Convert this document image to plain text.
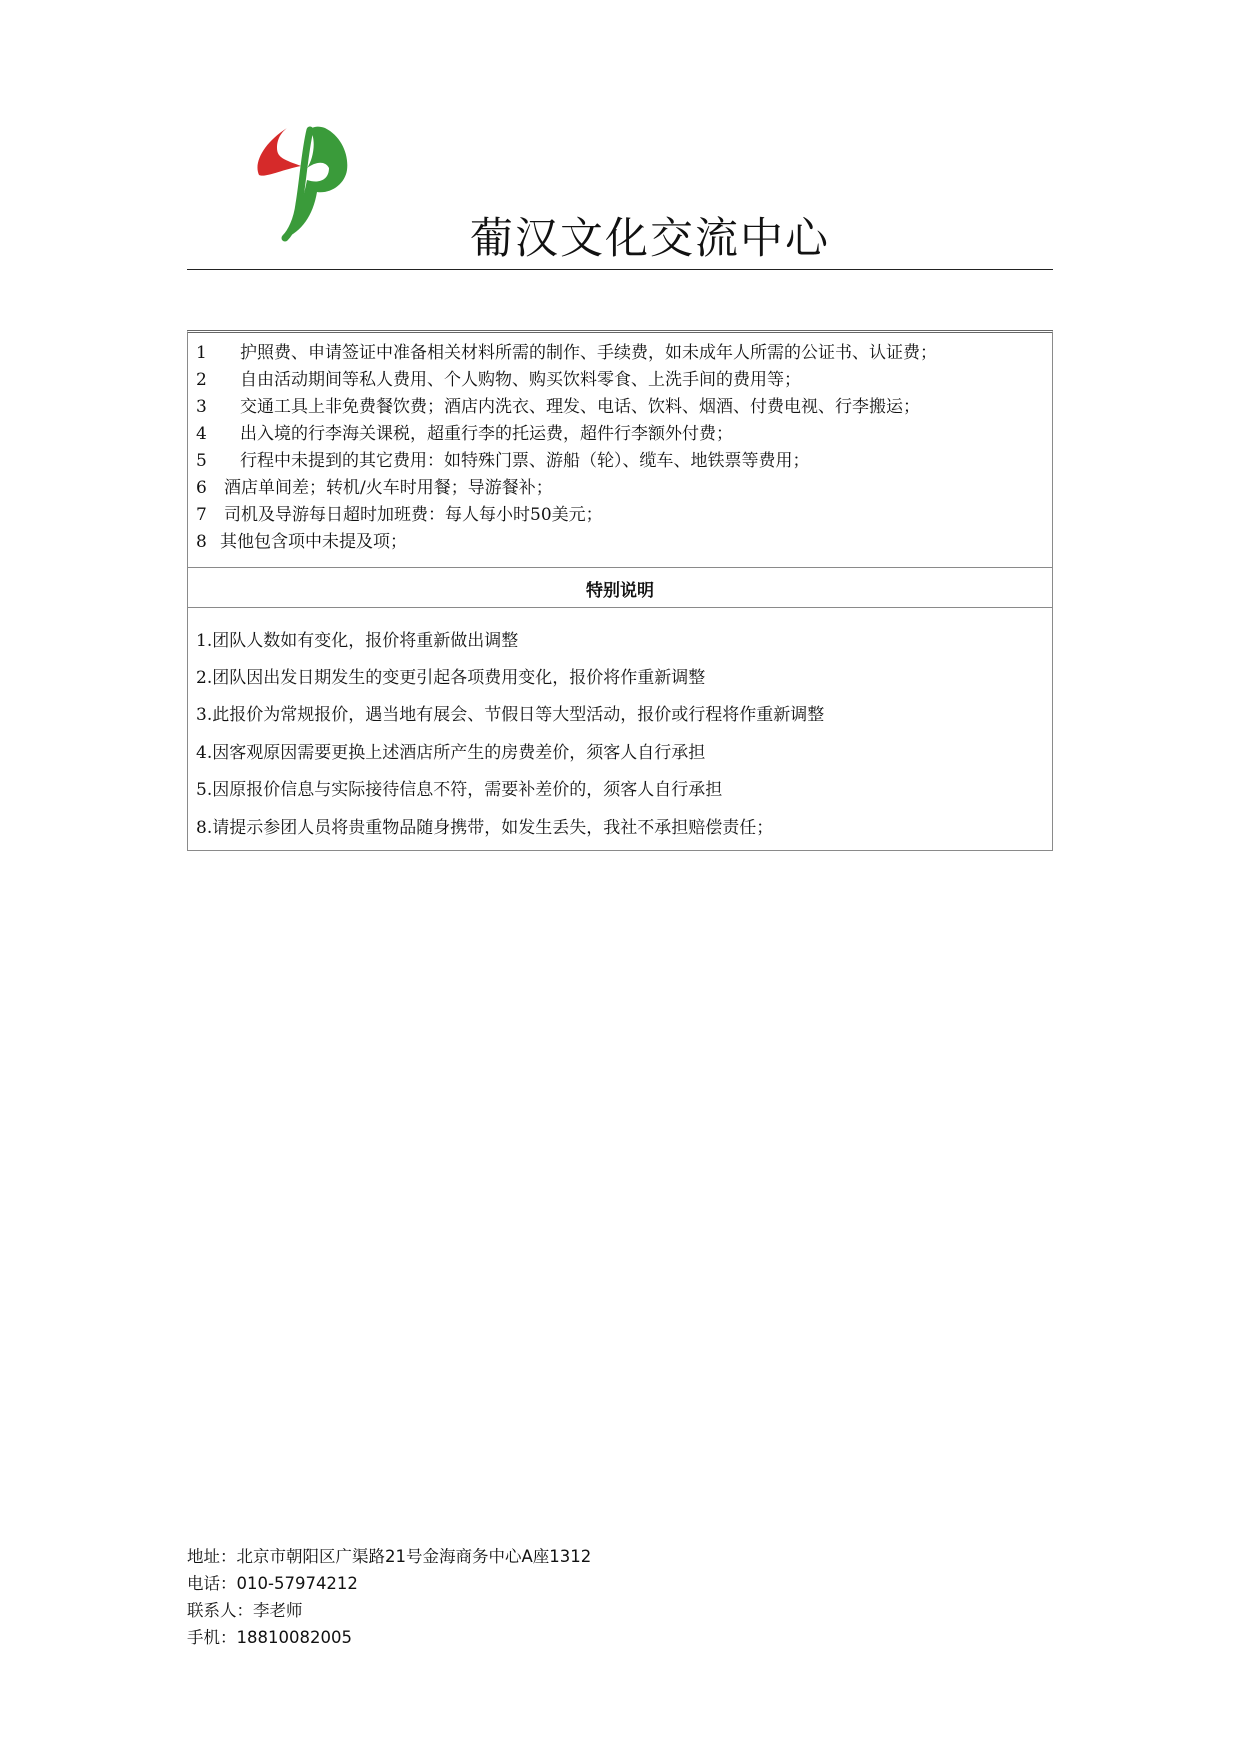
葡汉文化交流中心
1 护照费、申请签证中准备相关材料所需的制作、手续费，如未成年人所需的公证书、认证费；
2 自由活动期间等私人费用、个人购物、购买饮料零食、上洗手间的费用等；
3 交通工具上非免费餐饮费；酒店内洗衣、理发、电话、饮料、烟酒、付费电视、行李搬运；
4 出入境的行李海关课税，超重行李的托运费，超件行李额外付费；
5 行程中未提到的其它费用：如特殊门票、游船（轮）、缆车、地铁票等费用；
6 酒店单间差；转机/火车时用餐；导游餐补；
7 司机及导游每日超时加班费：每人每小时50美元；
8 其他包含项中未提及项；
特别说明
1.团队人数如有变化，报价将重新做出调整
2.团队因出发日期发生的变更引起各项费用变化，报价将作重新调整
3.此报价为常规报价，遇当地有展会、节假日等大型活动，报价或行程将作重新调整
4.因客观原因需要更换上述酒店所产生的房费差价，须客人自行承担
5.因原报价信息与实际接待信息不符，需要补差价的，须客人自行承担
8.请提示参团人员将贵重物品随身携带，如发生丢失，我社不承担赔偿责任；
地址：北京市朝阳区广渠路21号金海商务中心A座1312
电话：010-57974212
联系人：李老师
手机：18810082005
